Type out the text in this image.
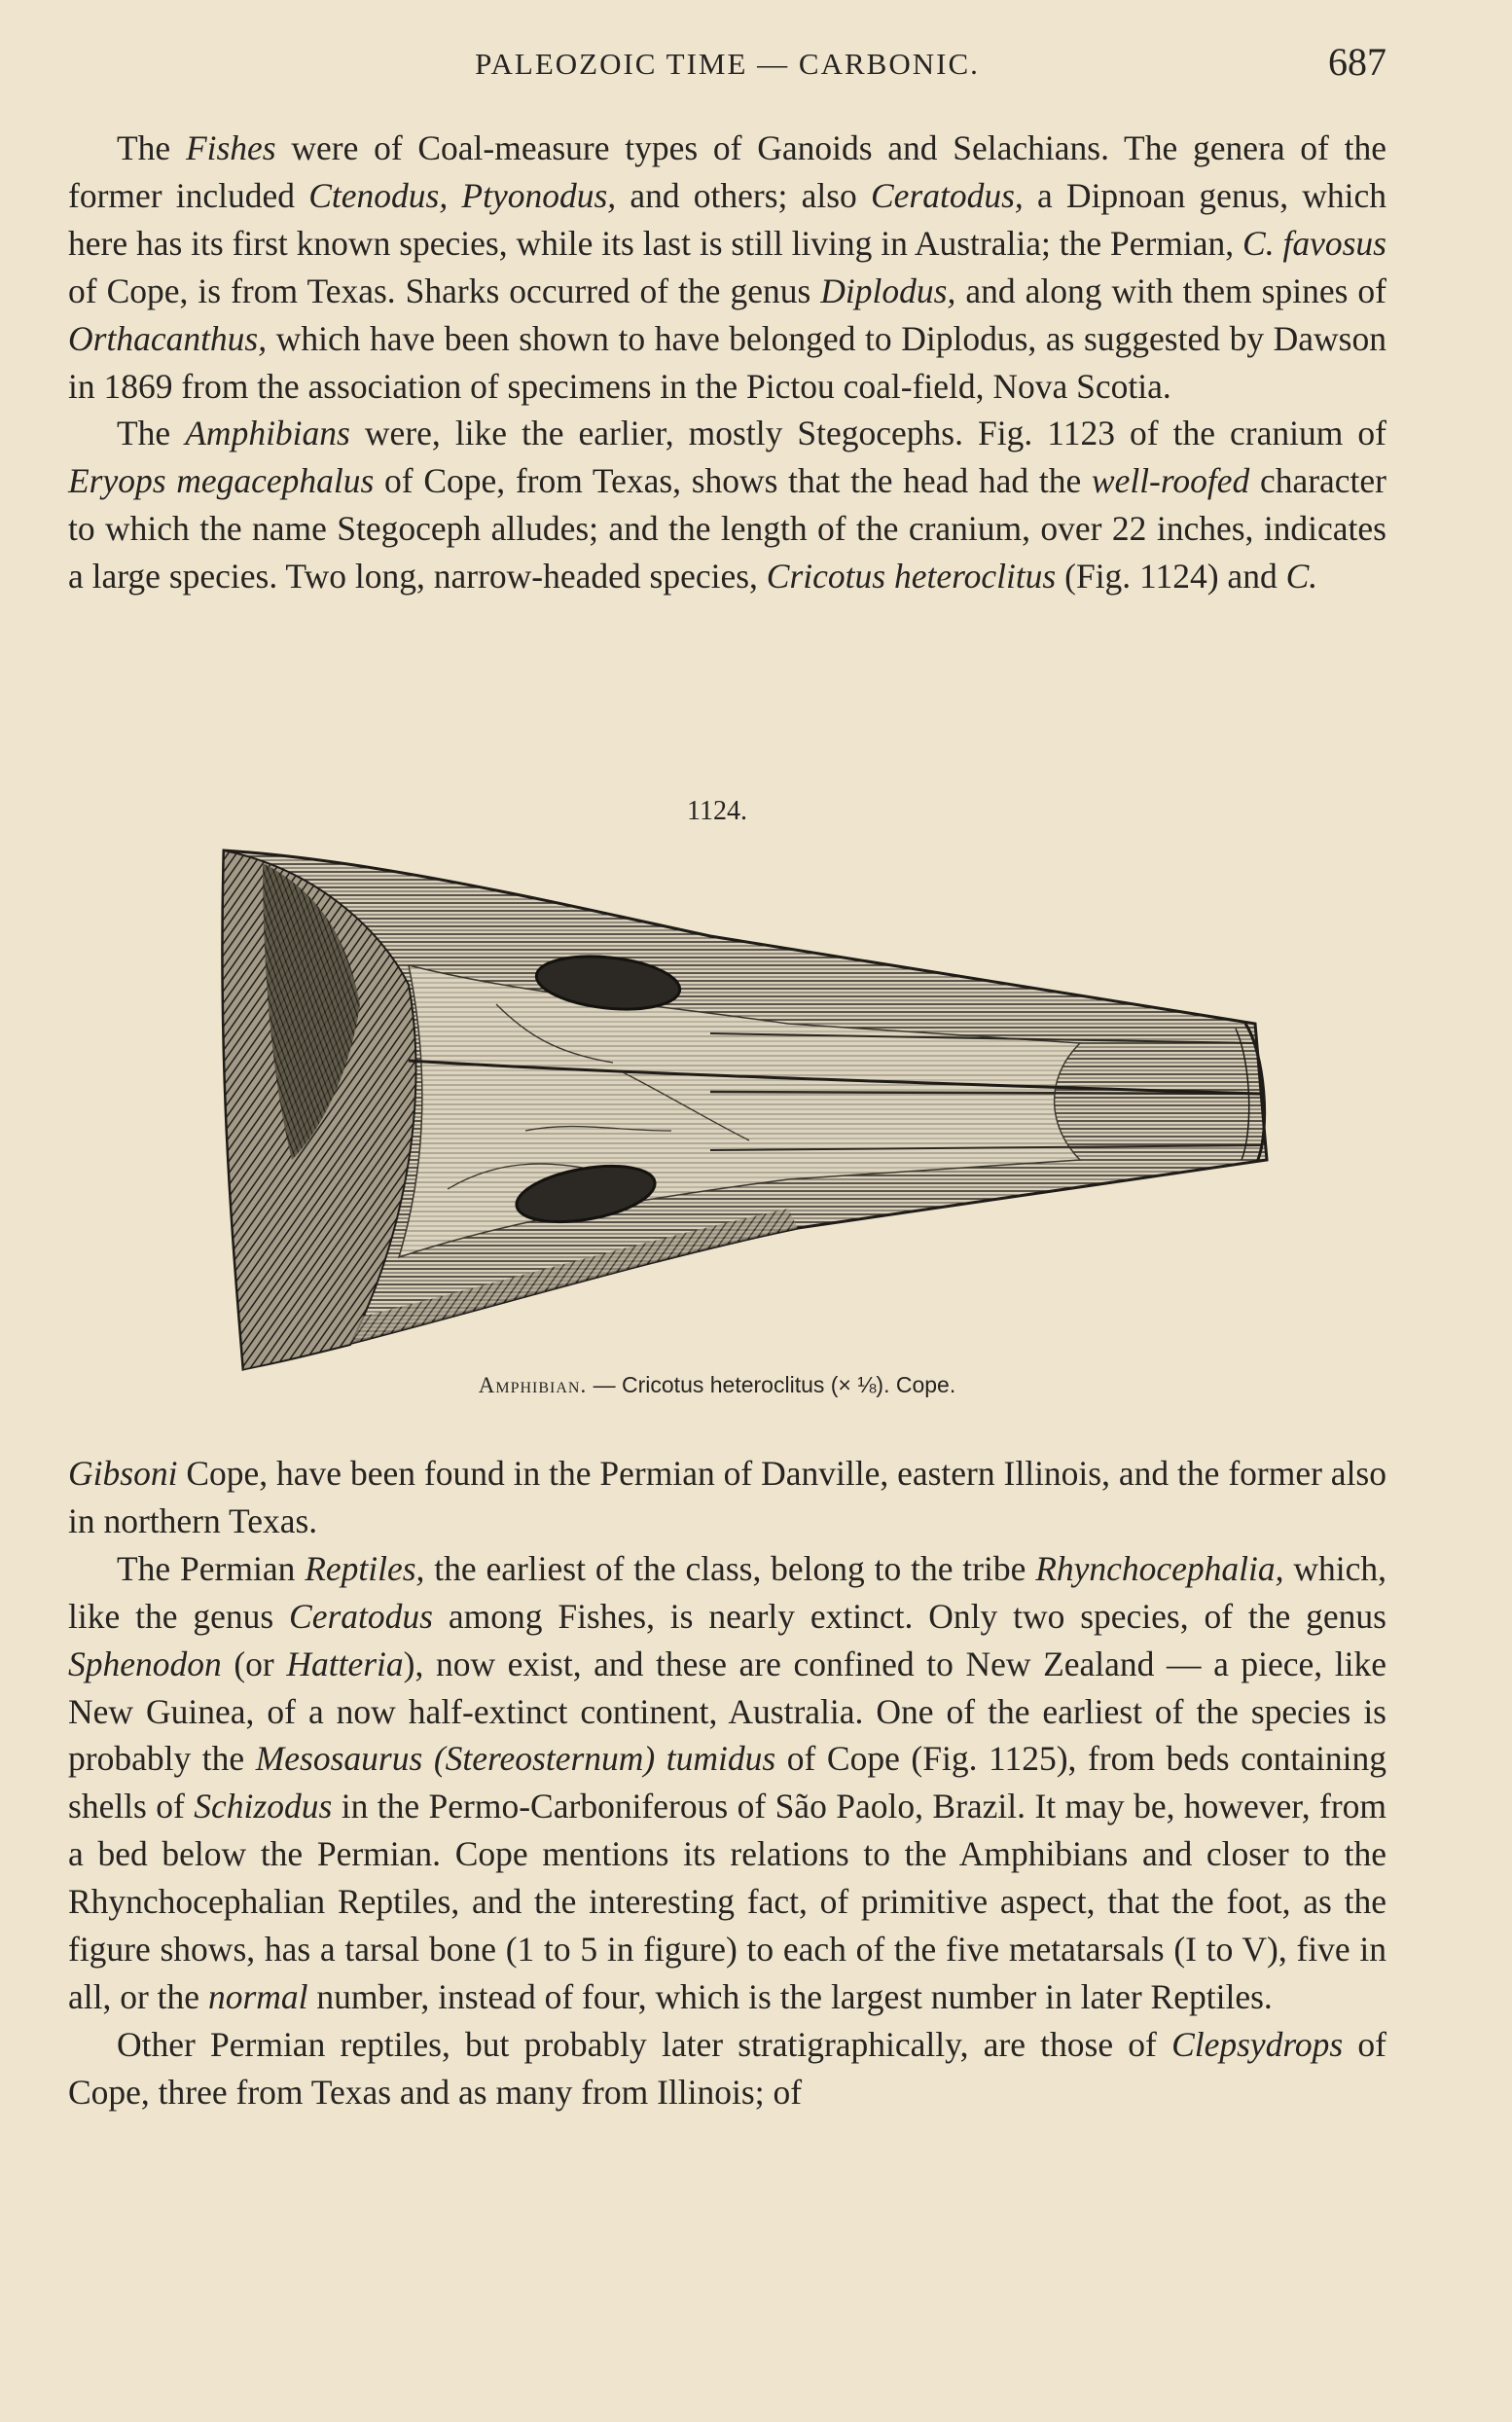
PALEOZOIC TIME — CARBONIC.	687

The Fishes were of Coal-measure types of Ganoids and Selachians. The genera of the former included Ctenodus, Ptyonodus, and others; also Ceratodus, a Dipnoan genus, which here has its first known species, while its last is still living in Australia; the Permian, C. favosus of Cope, is from Texas. Sharks occurred of the genus Diplodus, and along with them spines of Orthacanthus, which have been shown to have belonged to Diplodus, as suggested by Dawson in 1869 from the association of specimens in the Pictou coal-field, Nova Scotia.

The Amphibians were, like the earlier, mostly Stegocephs. Fig. 1123 of the cranium of Eryops megacephalus of Cope, from Texas, shows that the head had the well-roofed character to which the name Stegoceph alludes; and the length of the cranium, over 22 inches, indicates a large species. Two long, narrow-headed species, Cricotus heteroclitus (Fig. 1124) and C.

1124.
Amphibian. — Cricotus heteroclitus (× ⅛). Cope.

Gibsoni Cope, have been found in the Permian of Danville, eastern Illinois, and the former also in northern Texas.

The Permian Reptiles, the earliest of the class, belong to the tribe Rhynchocephalia, which, like the genus Ceratodus among Fishes, is nearly extinct. Only two species, of the genus Sphenodon (or Hatteria), now exist, and these are confined to New Zealand — a piece, like New Guinea, of a now half-extinct continent, Australia. One of the earliest of the species is probably the Mesosaurus (Stereosternum) tumidus of Cope (Fig. 1125), from beds containing shells of Schizodus in the Permo-Carboniferous of São Paolo, Brazil. It may be, however, from a bed below the Permian. Cope mentions its relations to the Amphibians and closer to the Rhynchocephalian Reptiles, and the interesting fact, of primitive aspect, that the foot, as the figure shows, has a tarsal bone (1 to 5 in figure) to each of the five metatarsals (I to V), five in all, or the normal number, instead of four, which is the largest number in later Reptiles.

Other Permian reptiles, but probably later stratigraphically, are those of Clepsydrops of Cope, three from Texas and as many from Illinois; of
